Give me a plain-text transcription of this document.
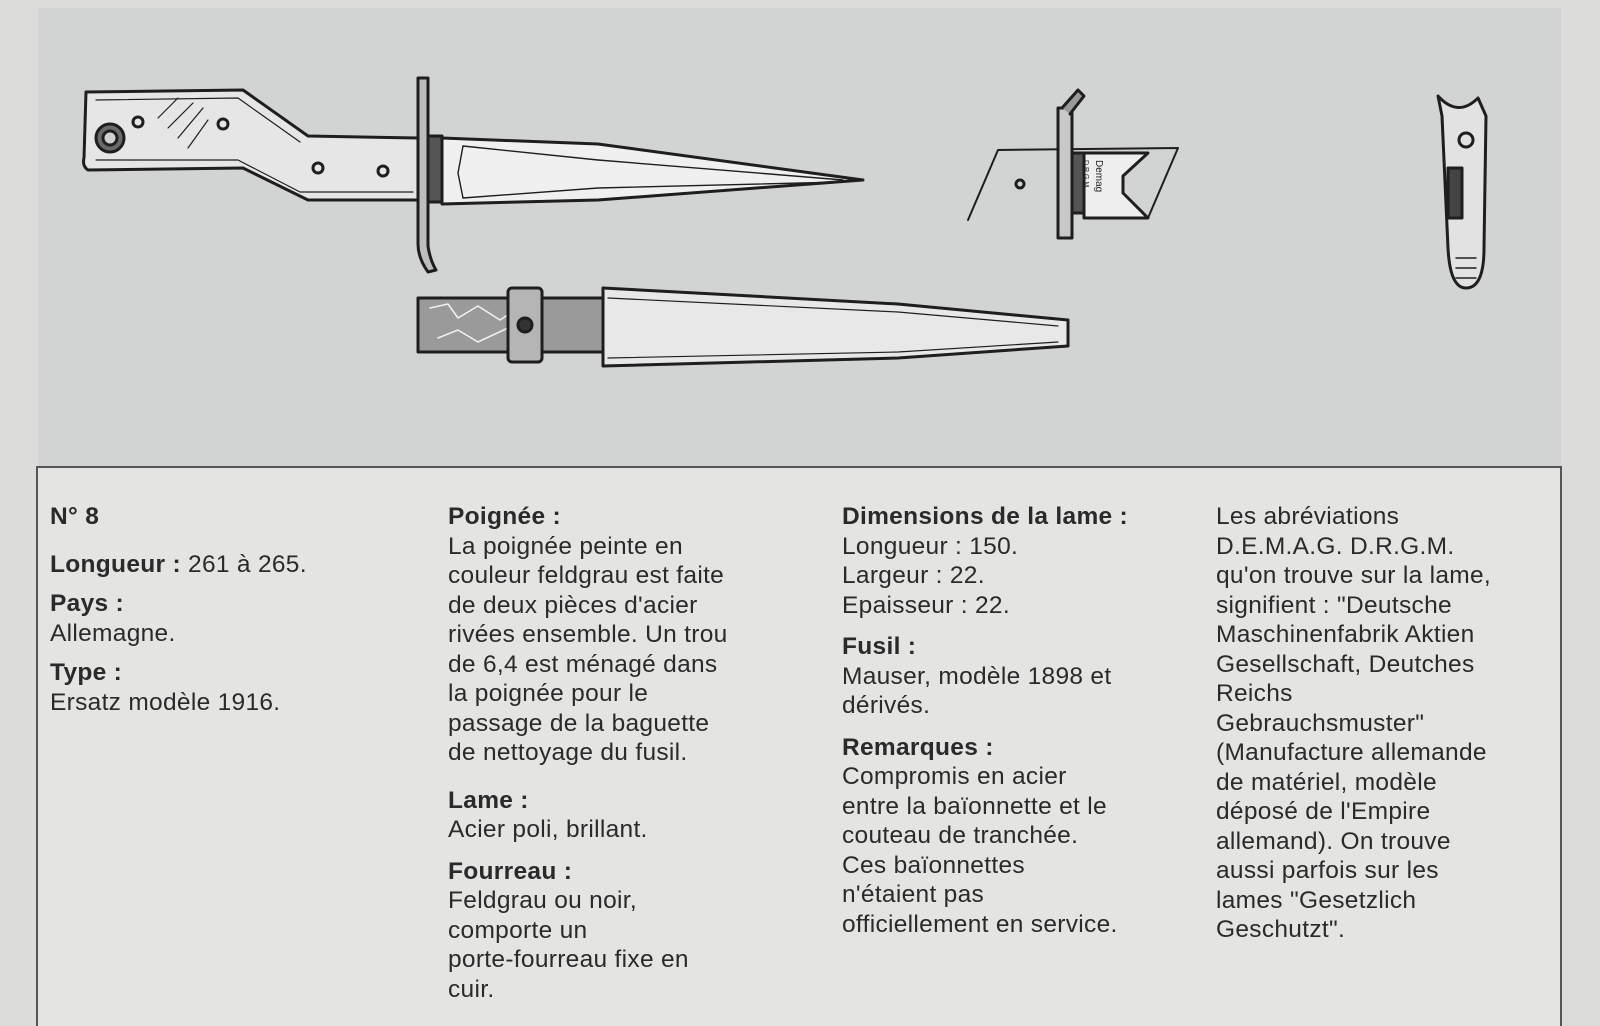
Demag
D.R.G.M.

N° 8

Longueur : 261 à 265.

Pays :

Allemagne.

Type :

Ersatz modèle 1916.

Poignée :

La poignée peinte en

couleur feldgrau est faite

de deux pièces d'acier

rivées ensemble. Un trou

de 6,4 est ménagé dans

la poignée pour le

passage de la baguette

de nettoyage du fusil.

Lame :

Acier poli, brillant.

Fourreau :

Feldgrau ou noir,

comporte un

porte-fourreau fixe en

cuir.

Dimensions de la lame :

Longueur : 150.

Largeur : 22.

Epaisseur : 22.

Fusil :

Mauser, modèle 1898 et

dérivés.

Remarques :

Compromis en acier

entre la baïonnette et le

couteau de tranchée.

Ces baïonnettes

n'étaient pas

officiellement en service.

Les abréviations

D.E.M.A.G. D.R.G.M.

qu'on trouve sur la lame,

signifient : "Deutsche

Maschinenfabrik Aktien

Gesellschaft, Deutches

Reichs

Gebrauchsmuster"

(Manufacture allemande

de matériel, modèle

déposé de l'Empire

allemand). On trouve

aussi parfois sur les

lames "Gesetzlich

Geschutzt".
